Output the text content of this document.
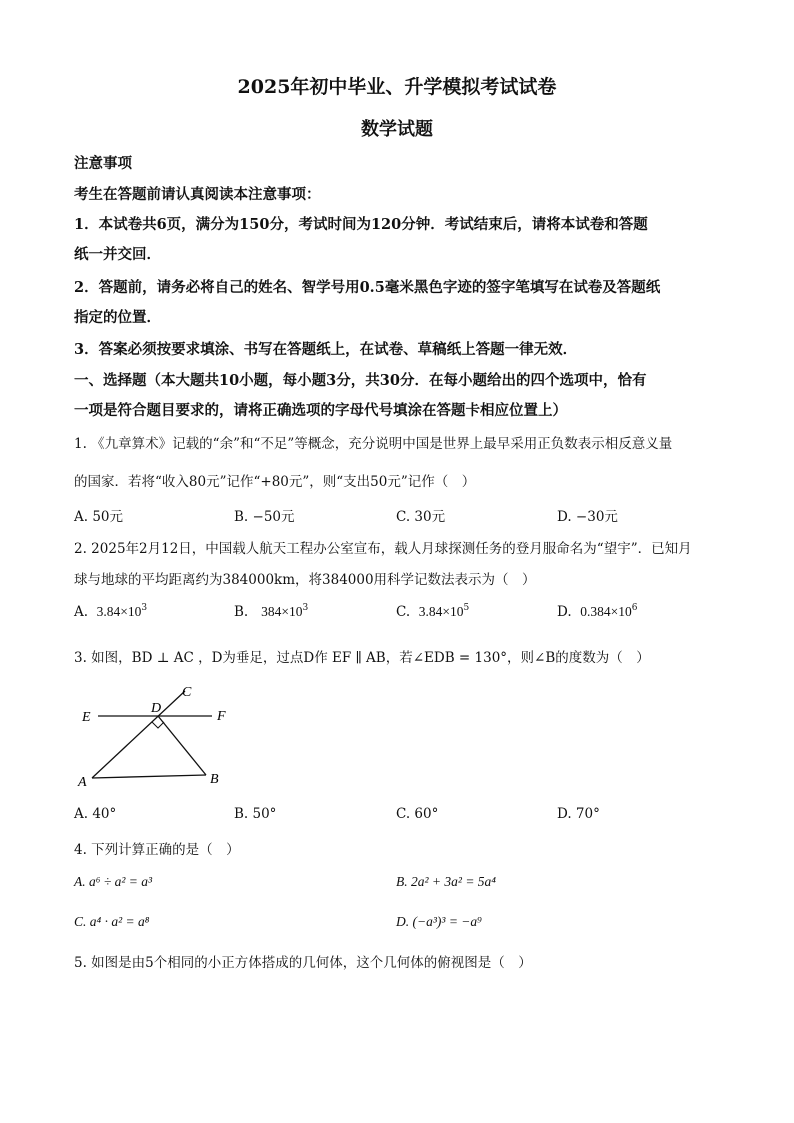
2025年初中毕业、升学模拟考试试卷
数学试题
注意事项
考生在答题前请认真阅读本注意事项：
1．本试卷共6页，满分为150分，考试时间为120分钟．考试结束后，请将本试卷和答题
纸一并交回．
2．答题前，请务必将自己的姓名、智学号用0.5毫米黑色字迹的签字笔填写在试卷及答题纸
指定的位置．
3．答案必须按要求填涂、书写在答题纸上，在试卷、草稿纸上答题一律无效．
一、选择题（本大题共10小题，每小题3分，共30分．在每小题给出的四个选项中，恰有
一项是符合题目要求的，请将正确选项的字母代号填涂在答题卡相应位置上）
1. 《九章算术》记载的“余”和“不足”等概念，充分说明中国是世界上最早采用正负数表示相反意义量
的国家．若将“收入80元”记作“+80元”，则“支出50元”记作（　）
A. 50元	B. −50元	C. 30元	D. −30元
2. 2025年2月12日，中国载人航天工程办公室宣布，载人月球探测任务的登月服命名为“望宇”．已知月
球与地球的平均距离约为384000km，将384000用科学记数法表示为（　）
A. $3.84\times 10^3$	B. $384\times 10^3$	C. $3.84\times 10^5$	D. $0.384\times 10^6$
3. 如图，BD ⊥ AC ，D为垂足，过点D作 EF ∥ AB，若∠EDB = 130°，则∠B的度数为（　）
E	F
C
D
A	B
A. 40°	B. 50°	C. 60°	D. 70°
4. 下列计算正确的是（　）
A. a⁶ ÷ a² = a³	B. 2a² + 3a² = 5a⁴
C. a⁴ · a² = a⁸	D. (−a³)³ = −a⁹
5. 如图是由5个相同的小正方体搭成的几何体，这个几何体的俯视图是（　）
